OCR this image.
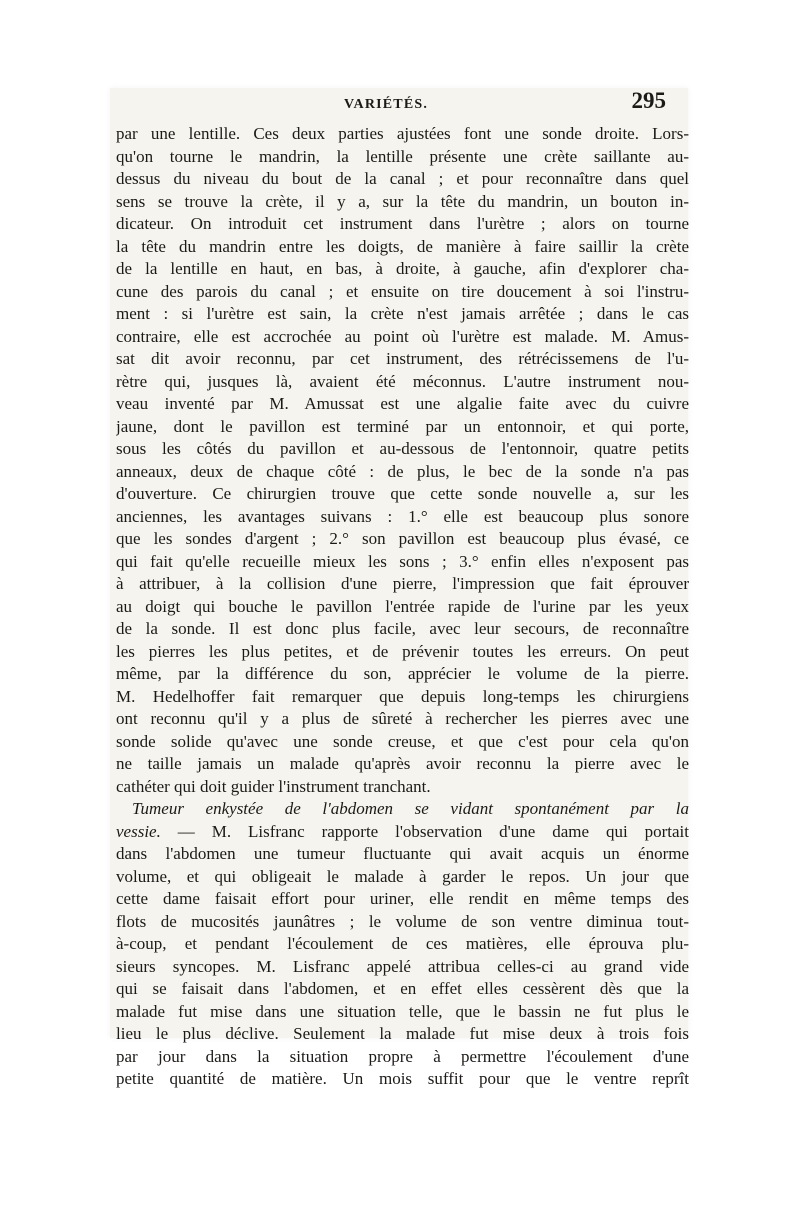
VARIÉTÉS.	295
par une lentille. Ces deux parties ajustées font une sonde droite. Lors-
qu'on tourne le mandrin, la lentille présente une crète saillante au-
dessus du niveau du bout de la canal ; et pour reconnaître dans quel
sens se trouve la crète, il y a, sur la tête du mandrin, un bouton in-
dicateur. On introduit cet instrument dans l'urètre ; alors on tourne
la tête du mandrin entre les doigts, de manière à faire saillir la crète
de la lentille en haut, en bas, à droite, à gauche, afin d'explorer cha-
cune des parois du canal ; et ensuite on tire doucement à soi l'instru-
ment : si l'urètre est sain, la crète n'est jamais arrêtée ; dans le cas
contraire, elle est accrochée au point où l'urètre est malade. M. Amus-
sat dit avoir reconnu, par cet instrument, des rétrécissemens de l'u-
rètre qui, jusques là, avaient été méconnus. L'autre instrument nou-
veau inventé par M. Amussat est une algalie faite avec du cuivre
jaune, dont le pavillon est terminé par un entonnoir, et qui porte,
sous les côtés du pavillon et au-dessous de l'entonnoir, quatre petits
anneaux, deux de chaque côté : de plus, le bec de la sonde n'a pas
d'ouverture. Ce chirurgien trouve que cette sonde nouvelle a, sur les
anciennes, les avantages suivans : 1.° elle est beaucoup plus sonore
que les sondes d'argent ; 2.° son pavillon est beaucoup plus évasé, ce
qui fait qu'elle recueille mieux les sons ; 3.° enfin elles n'exposent pas
à attribuer, à la collision d'une pierre, l'impression que fait éprouver
au doigt qui bouche le pavillon l'entrée rapide de l'urine par les yeux
de la sonde. Il est donc plus facile, avec leur secours, de reconnaître
les pierres les plus petites, et de prévenir toutes les erreurs. On peut
même, par la différence du son, apprécier le volume de la pierre.
M. Hedelhoffer fait remarquer que depuis long-temps les chirurgiens
ont reconnu qu'il y a plus de sûreté à rechercher les pierres avec une
sonde solide qu'avec une sonde creuse, et que c'est pour cela qu'on
ne taille jamais un malade qu'après avoir reconnu la pierre avec le
cathéter qui doit guider l'instrument tranchant.
Tumeur enkystée de l'abdomen se vidant spontanément par la
vessie. — M. Lisfranc rapporte l'observation d'une dame qui portait
dans l'abdomen une tumeur fluctuante qui avait acquis un énorme
volume, et qui obligeait le malade à garder le repos. Un jour que
cette dame faisait effort pour uriner, elle rendit en même temps des
flots de mucosités jaunâtres ; le volume de son ventre diminua tout-
à-coup, et pendant l'écoulement de ces matières, elle éprouva plu-
sieurs syncopes. M. Lisfranc appelé attribua celles-ci au grand vide
qui se faisait dans l'abdomen, et en effet elles cessèrent dès que la
malade fut mise dans une situation telle, que le bassin ne fut plus le
lieu le plus déclive. Seulement la malade fut mise deux à trois fois
par jour dans la situation propre à permettre l'écoulement d'une
petite quantité de matière. Un mois suffit pour que le ventre reprît
